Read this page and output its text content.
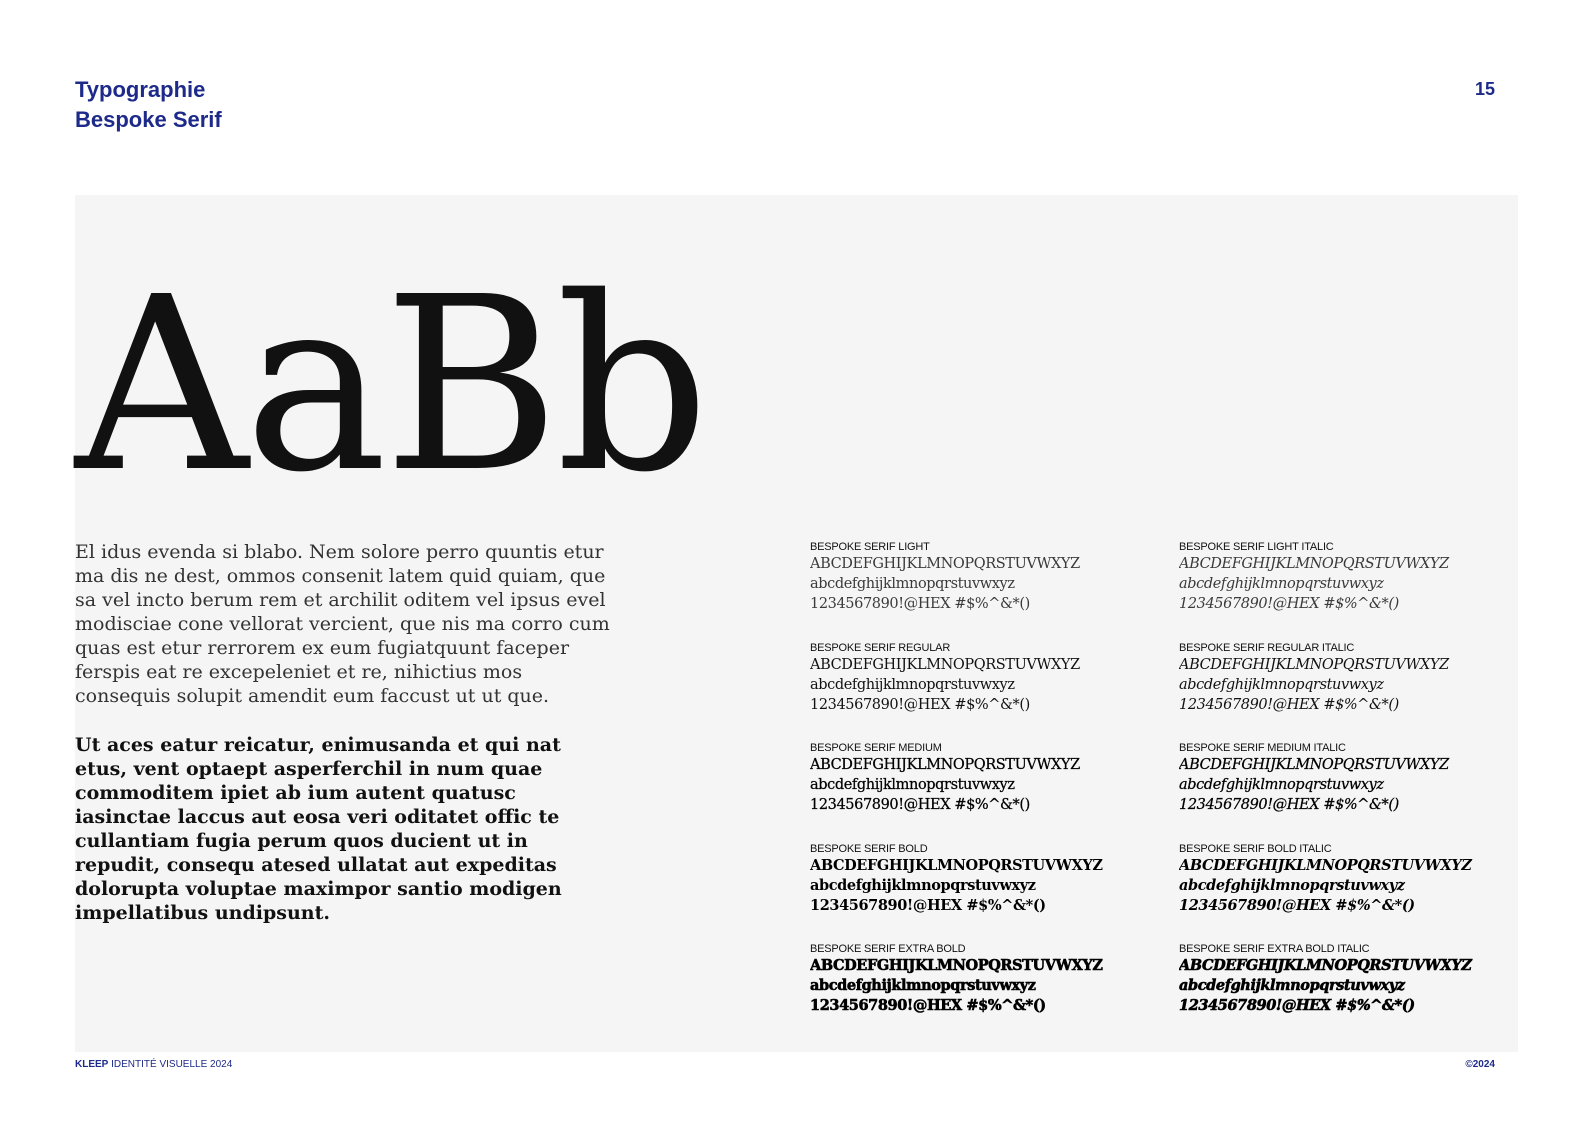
Typographie
Bespoke Serif
15
AaBb

El idus evenda si blabo. Nem solore perro quuntis etur ma dis ne dest, ommos consenit latem quid quiam, que sa vel incto berum rem et archilit oditem vel ipsus evel modisciae cone vellorat vercient, que nis ma corro cum quas est etur rerrorem ex eum fugiatquunt faceper ferspis eat re excepeleniet et re, nihictius mos consequis solupit amendit eum faccust ut ut que.

Ut aces eatur reicatur, enimusanda et qui nat etus, vent optaept asperferchil in num quae commoditem ipiet ab ium autent quatusc iasinctae laccus aut eosa veri oditatet offic te cullantiam fugia perum quos ducient ut in repudit, consequ atesed ullatat aut expeditas dolorupta voluptae maximpor santio modigen impellatibus undipsunt.

BESPOKE SERIF LIGHT
ABCDEFGHIJKLMNOPQRSTUVWXYZ
abcdefghijklmnopqrstuvwxyz
1234567890!@HEX #$%^&*()
BESPOKE SERIF LIGHT ITALIC
ABCDEFGHIJKLMNOPQRSTUVWXYZ
abcdefghijklmnopqrstuvwxyz
1234567890!@HEX #$%^&*()
BESPOKE SERIF REGULAR
ABCDEFGHIJKLMNOPQRSTUVWXYZ
abcdefghijklmnopqrstuvwxyz
1234567890!@HEX #$%^&*()
BESPOKE SERIF REGULAR ITALIC
ABCDEFGHIJKLMNOPQRSTUVWXYZ
abcdefghijklmnopqrstuvwxyz
1234567890!@HEX #$%^&*()
BESPOKE SERIF MEDIUM
ABCDEFGHIJKLMNOPQRSTUVWXYZ
abcdefghijklmnopqrstuvwxyz
1234567890!@HEX #$%^&*()
BESPOKE SERIF MEDIUM ITALIC
ABCDEFGHIJKLMNOPQRSTUVWXYZ
abcdefghijklmnopqrstuvwxyz
1234567890!@HEX #$%^&*()
BESPOKE SERIF BOLD
ABCDEFGHIJKLMNOPQRSTUVWXYZ
abcdefghijklmnopqrstuvwxyz
1234567890!@HEX #$%^&*()
BESPOKE SERIF BOLD ITALIC
ABCDEFGHIJKLMNOPQRSTUVWXYZ
abcdefghijklmnopqrstuvwxyz
1234567890!@HEX #$%^&*()
BESPOKE SERIF EXTRA BOLD
ABCDEFGHIJKLMNOPQRSTUVWXYZ
abcdefghijklmnopqrstuvwxyz
1234567890!@HEX #$%^&*()
BESPOKE SERIF EXTRA BOLD ITALIC
ABCDEFGHIJKLMNOPQRSTUVWXYZ
abcdefghijklmnopqrstuvwxyz
1234567890!@HEX #$%^&*()
KLEEP IDENTITÉ VISUELLE 2024	©2024
